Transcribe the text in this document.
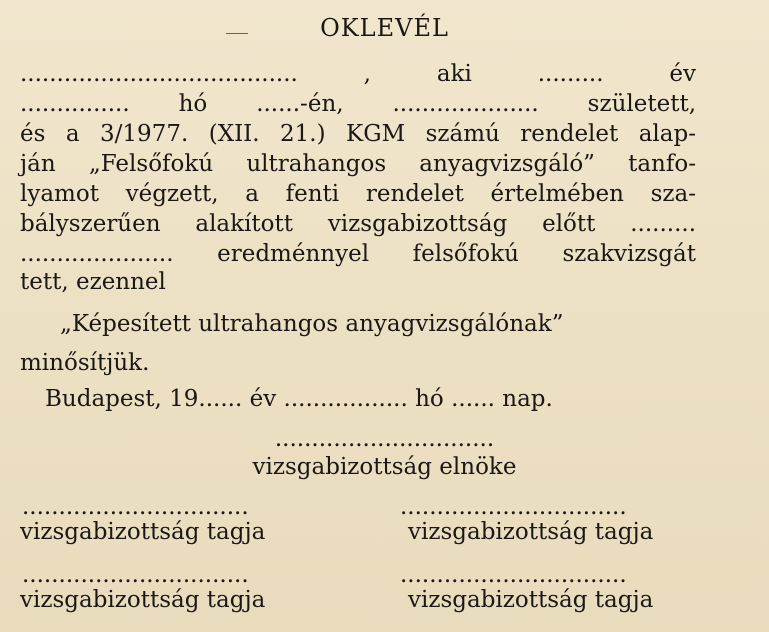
OKLEVÉL
...................................... , aki ......... év
............... hó ......-én, .................... született,
és a 3/1977. (XII. 21.) KGM számú rendelet alap-
ján „Felsőfokú ultrahangos anyagvizsgáló” tanfo-
lyamot végzett, a fenti rendelet értelmében sza-
bályszerűen alakított vizsgabizottság előtt .........
..................... eredménnyel felsőfokú szakvizsgát
tett, ezennel
„Képesített ultrahangos anyagvizsgálónak”
minősítjük.
Budapest, 19...... év ................. hó ...... nap.
..............................
vizsgabizottság elnöke
...............................	...............................
vizsgabizottság tagja	vizsgabizottság tagja
...............................	...............................
vizsgabizottság tagja	vizsgabizottság tagja
